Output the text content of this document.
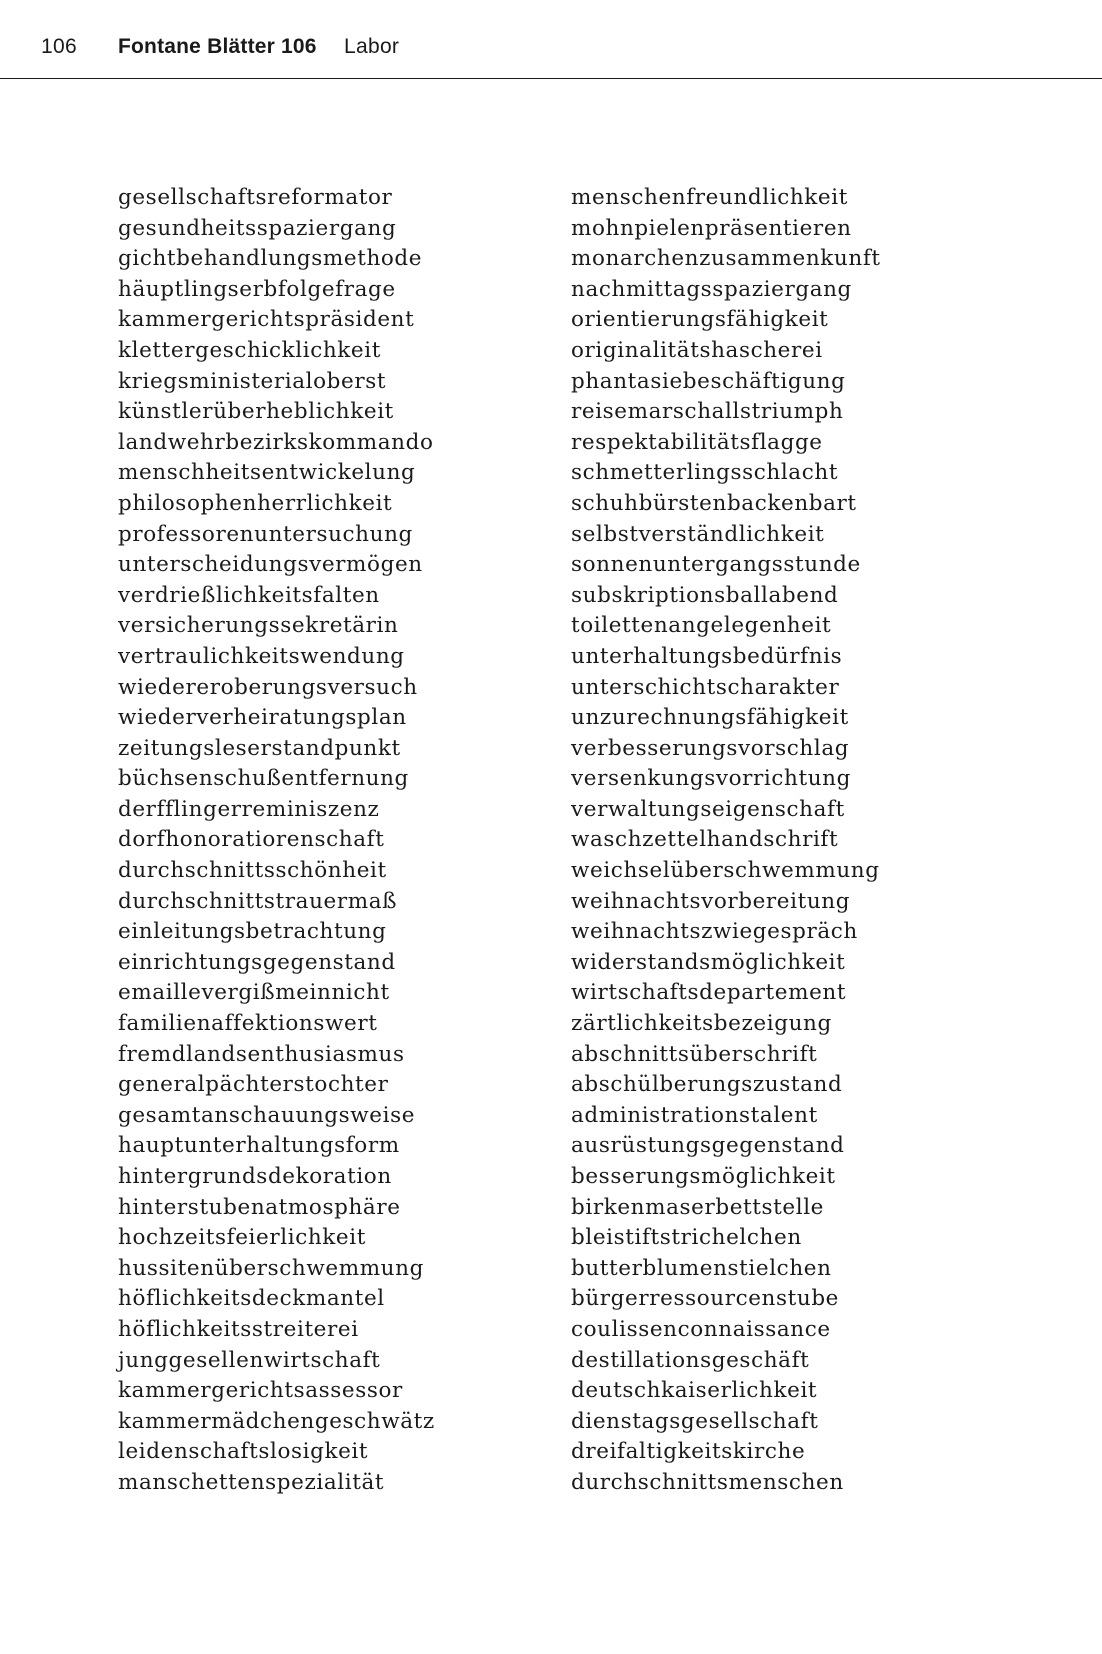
106 Fontane Blätter 106 Labor
gesellschaftsreformator
gesundheitsspaziergang
gichtbehandlungsmethode
häuptlingserbfolgefrage
kammergerichtspräsident
klettergeschicklichkeit
kriegsministerialoberst
künstlerüberheblichkeit
landwehrbezirkskommando
menschheitsentwickelung
philosophenherrlichkeit
professorenuntersuchung
unterscheidungsvermögen
verdrießlichkeitsfalten
versicherungssekretärin
vertraulichkeitswendung
wiedereroberungsversuch
wiederverheiratungsplan
zeitungsleserstandpunkt
büchsenschußentfernung
derfflingerreminiszenz
dorfhonoratiorenschaft
durchschnittsschönheit
durchschnittstrauermaß
einleitungsbetrachtung
einrichtungsgegenstand
emaillevergißmeinnicht
familienaffektionswert
fremdlandsenthusiasmus
generalpächterstochter
gesamtanschauungsweise
hauptunterhaltungsform
hintergrundsdekoration
hinterstubenatmosphäre
hochzeitsfeierlichkeit
hussitenüberschwemmung
höflichkeitsdeckmantel
höflichkeitsstreiterei
junggesellenwirtschaft
kammergerichtsassessor
kammermädchengeschwätz
leidenschaftslosigkeit
manschettenspezialität
menschenfreundlichkeit
mohnpielenpräsentieren
monarchenzusammenkunft
nachmittagsspaziergang
orientierungsfähigkeit
originalitätshascherei
phantasiebeschäftigung
reisemarschallstriumph
respektabilitätsflagge
schmetterlingsschlacht
schuhbürstenbackenbart
selbstverständlichkeit
sonnenuntergangsstunde
subskriptionsballabend
toilettenangelegenheit
unterhaltungsbedürfnis
unterschichtscharakter
unzurechnungsfähigkeit
verbesserungsvorschlag
versenkungsvorrichtung
verwaltungseigenschaft
waschzettelhandschrift
weichselüberschwemmung
weihnachtsvorbereitung
weihnachtszwiegespräch
widerstandsmöglichkeit
wirtschaftsdepartement
zärtlichkeitsbezeigung
abschnittsüberschrift
abschülberungszustand
administrationstalent
ausrüstungsgegenstand
besserungsmöglichkeit
birkenmaserbettstelle
bleistiftstrichelchen
butterblumenstielchen
bürgerressourcenstube
coulissenconnaissance
destillationsgeschäft
deutschkaiserlichkeit
dienstagsgesellschaft
dreifaltigkeitskirche
durchschnittsmenschen
